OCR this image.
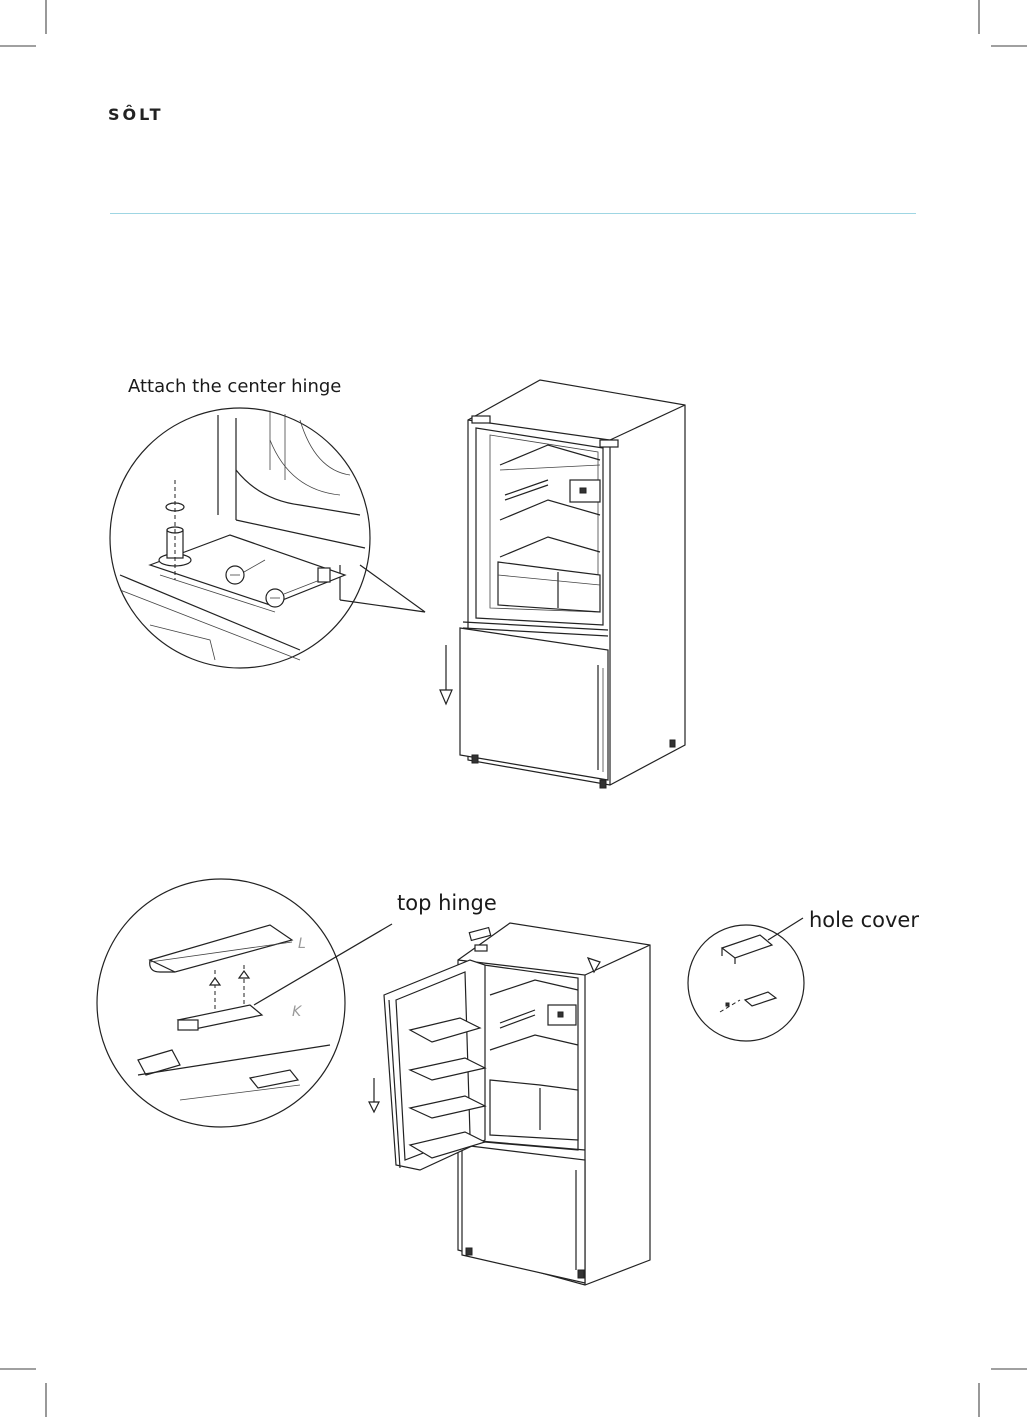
SÔLT
Attach the center hinge
top hinge
hole cover
L
K
